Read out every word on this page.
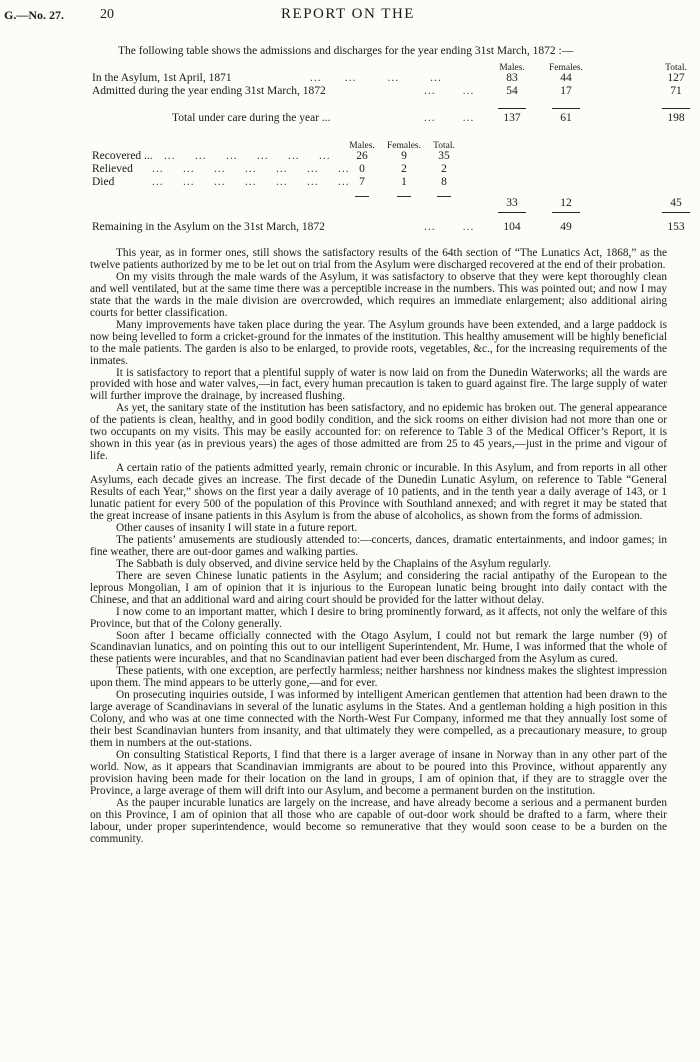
G.—No. 27.	20	REPORT ON THE
The following table shows the admissions and discharges for the year ending 31st March, 1872 :—
Males.	Females.	Total.
In the Asylum, 1st April, 1871	...      ...        ...        ...	83	44	127
Admitted during the year ending 31st March, 1872	...       ...	54	17	71
Total under care during the year ...	...       ...	137	61	198
Males.	Females.	Total.
Recovered ... ...     ...     ...     ...     ...     ...	26	9	35
Relieved ...     ...     ...     ...     ...     ...     ... 0	2	2
Died	...     ...     ...     ...     ...     ...     ... 7	1	8
33	12	45
Remaining in the Asylum on the 31st March, 1872	...       ...	104	49	153

This year, as in former ones, still shows the satisfactory results of the 64th section of “The Lunatics Act, 1868,” as the twelve patients authorized by me to be let out on trial from the Asylum were discharged recovered at the end of their probation.

On my visits through the male wards of the Asylum, it was satisfactory to observe that they were kept thoroughly clean and well ventilated, but at the same time there was a perceptible increase in the numbers. This was pointed out; and now I may state that the wards in the male division are overcrowded, which requires an immediate enlargement; also additional airing courts for better classification.

Many improvements have taken place during the year. The Asylum grounds have been extended, and a large paddock is now being levelled to form a cricket-ground for the inmates of the institution. This healthy amusement will be highly beneficial to the male patients. The garden is also to be enlarged, to provide roots, vegetables, &c., for the increasing requirements of the inmates.

It is satisfactory to report that a plentiful supply of water is now laid on from the Dunedin Waterworks; all the wards are provided with hose and water valves,—in fact, every human precaution is taken to guard against fire. The large supply of water will further improve the drainage, by increased flushing.

As yet, the sanitary state of the institution has been satisfactory, and no epidemic has broken out. The general appearance of the patients is clean, healthy, and in good bodily condition, and the sick rooms on either division had not more than one or two occupants on my visits. This may be easily accounted for: on reference to Table 3 of the Medical Officer’s Report, it is shown in this year (as in previous years) the ages of those admitted are from 25 to 45 years,—just in the prime and vigour of life.

A certain ratio of the patients admitted yearly, remain chronic or incurable. In this Asylum, and from reports in all other Asylums, each decade gives an increase. The first decade of the Dunedin Lunatic Asylum, on reference to Table “General Results of each Year,” shows on the first year a daily average of 10 patients, and in the tenth year a daily average of 143, or 1 lunatic patient for every 500 of the population of this Province with Southland annexed; and with regret it may be stated that the great increase of insane patients in this Asylum is from the abuse of alcoholics, as shown from the forms of admission.

Other causes of insanity I will state in a future report.

The patients’ amusements are studiously attended to:—concerts, dances, dramatic entertainments, and indoor games; in fine weather, there are out-door games and walking parties.

The Sabbath is duly observed, and divine service held by the Chaplains of the Asylum regularly.

There are seven Chinese lunatic patients in the Asylum; and considering the racial antipathy of the European to the leprous Mongolian, I am of opinion that it is injurious to the European lunatic being brought into daily contact with the Chinese, and that an additional ward and airing court should be provided for the latter without delay.

I now come to an important matter, which I desire to bring prominently forward, as it affects, not only the welfare of this Province, but that of the Colony generally.

Soon after I became officially connected with the Otago Asylum, I could not but remark the large number (9) of Scandinavian lunatics, and on pointing this out to our intelligent Superintendent, Mr. Hume, I was informed that the whole of these patients were incurables, and that no Scandinavian patient had ever been discharged from the Asylum as cured.

These patients, with one exception, are perfectly harmless; neither harshness nor kindness makes the slightest impression upon them. The mind appears to be utterly gone,—and for ever.

On prosecuting inquiries outside, I was informed by intelligent American gentlemen that attention had been drawn to the large average of Scandinavians in several of the lunatic asylums in the States. And a gentleman holding a high position in this Colony, and who was at one time connected with the North-West Fur Company, informed me that they annually lost some of their best Scandinavian hunters from insanity, and that ultimately they were compelled, as a precautionary measure, to group them in numbers at the out-stations.

On consulting Statistical Reports, I find that there is a larger average of insane in Norway than in any other part of the world. Now, as it appears that Scandinavian immigrants are about to be poured into this Province, without apparently any provision having been made for their location on the land in groups, I am of opinion that, if they are to straggle over the Province, a large average of them will drift into our Asylum, and become a permanent burden on the institution.

As the pauper incurable lunatics are largely on the increase, and have already become a serious and a permanent burden on this Province, I am of opinion that all those who are capable of out-door work should be drafted to a farm, where their labour, under proper superintendence, would become so remunerative that they would soon cease to be a burden on the community.
